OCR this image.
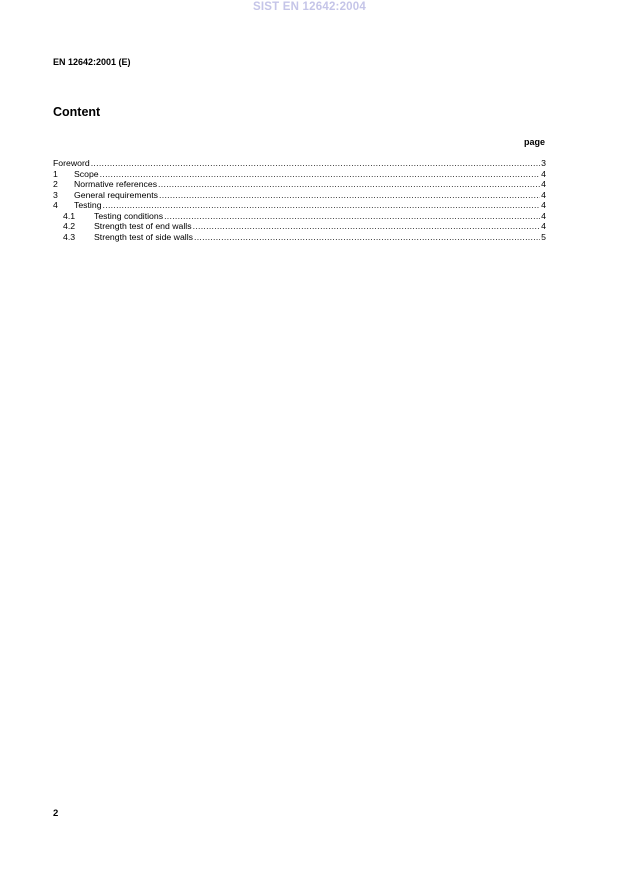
SIST EN 12642:2004
EN 12642:2001 (E)
Content
page
Foreword .....	3
1	Scope .....	4
2	Normative references .....	4
3	General requirements .....	4
4	Testing .....	4
4.1	Testing conditions .....	4
4.2	Strength test of end walls .....	4
4.3	Strength test of side walls .....	5
2
